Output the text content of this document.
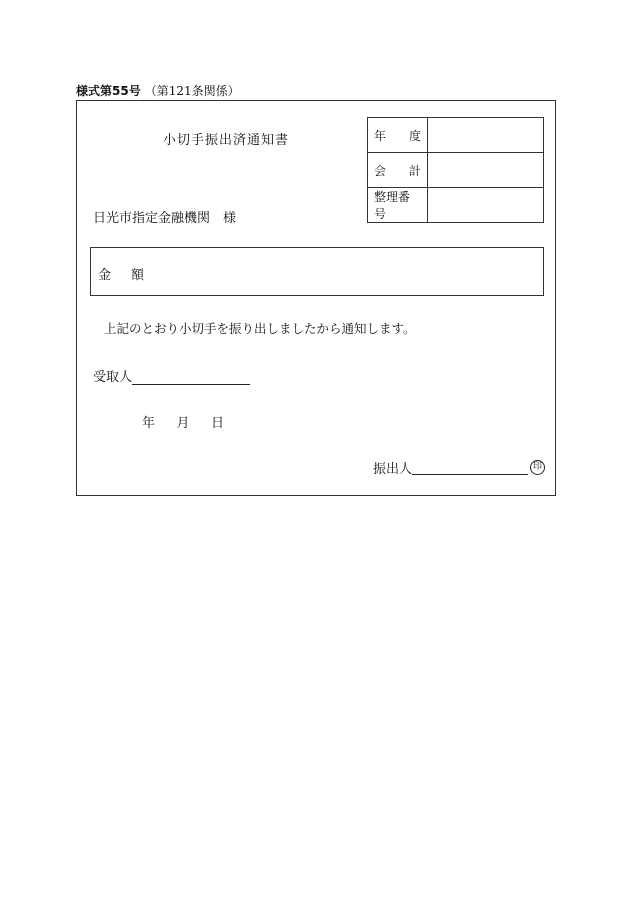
様式第55号 （第121条関係）
小切手振出済通知書	年 度	

会 計	

整理番号	
日光市指定金融機関　様
金 額
上記のとおり小切手を振り出しましたから通知します。
受取人
年 月 日
振出人	印
